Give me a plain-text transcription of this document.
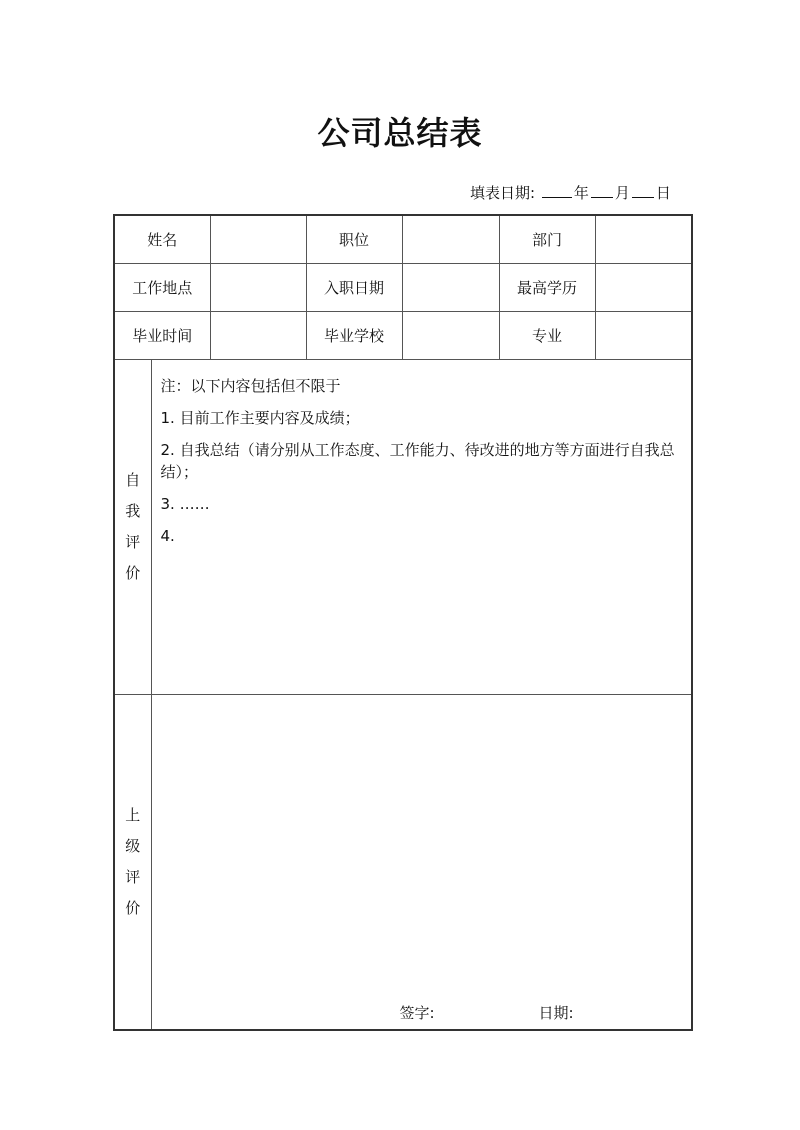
公司总结表
填表日期:	年 月 日
姓名			职位		部门	
工作地点			入职日期		最高学历	
毕业时间			毕业学校		专业	

自
我
评
价	注：以下内容包括但不限于
1. 目前工作主要内容及成绩；
2. 自我总结（请分别从工作态度、工作能力、待改进的地方等方面进行自我总结）；
3. ……
4.					

上
级
评
价	签字: 日期:					
